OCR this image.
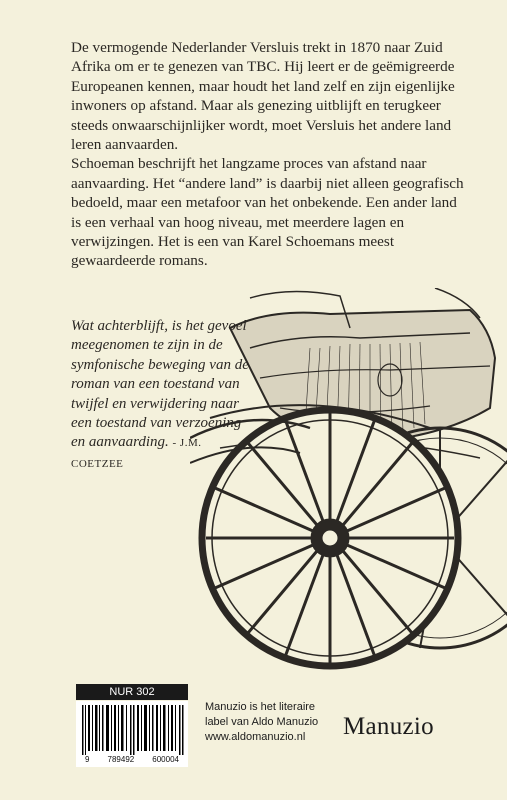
De vermogende Nederlander Versluis trekt in 1870 naar Zuid Afrika om er te genezen van TBC. Hij leert er de geëmigreerde Europeanen kennen, maar houdt het land zelf en zijn eigenlijke inwoners op afstand. Maar als genezing uitblijft en terugkeer steeds onwaarschijnlijker wordt, moet Versluis het andere land leren aanvaarden.

Schoeman beschrijft het langzame proces van afstand naar aanvaarding. Het “andere land” is daarbij niet alleen geografisch bedoeld, maar een metafoor van het onbekende. Een ander land is een verhaal van hoog niveau, met meerdere lagen en verwijzingen. Het is een van Karel Schoemans meest gewaardeerde romans.

Wat achterblijft, is het gevoel meegenomen te zijn in de symfonische beweging van de roman van een toestand van twijfel en verwijdering naar een toestand van verzoening en aanvaarding. - J.M. COETZEE
NUR 302
9 789492 600004
Manuzio is het literaire
label van Aldo Manuzio
www.aldomanuzio.nl	Manuzio
